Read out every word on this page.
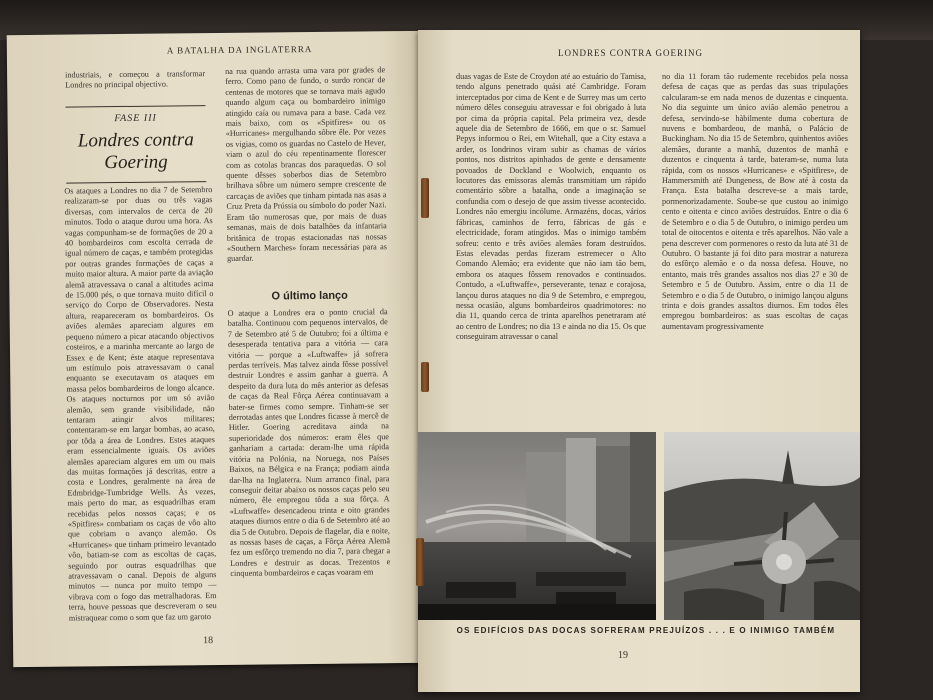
A BATALHA DA INGLATERRA

industriais, e começou a transformar Londres no principal objectivo.

FASE III
Londres contra Goering

Os ataques a Londres no dia 7 de Setembro realizaram-se por duas ou três vagas diversas, com intervalos de cerca de 20 minutos. Todo o ataque durou uma hora. As vagas compunham-se de formações de 20 a 40 bombardeiros com escolta cerrada de igual número de caças, e também protegidas por outras grandes formações de caças a muito maior altura. A maior parte da aviação alemã atravessava o canal a altitudes acima de 15.000 pés, o que tornava muito difícil o serviço do Corpo de Observadores. Nesta altura, reapareceram os bombardeiros. Os aviões alemães apareciam algures em pequeno número a picar atacando objectivos costeiros, e a marinha mercante ao largo de Essex e de Kent; éste ataque representava um estímulo pois atravessavam o canal enquanto se executavam os ataques em massa pelos bombardeiros de longo alcance. Os ataques nocturnos por um só avião alemão, sem grande visibilidade, não tentaram atingir alvos militares; contentaram-se em largar bombas, ao acaso, por tôda a área de Londres. Estes ataques eram essencialmente iguais. Os aviões alemães apareciam algures em um ou mais das muitas formações já descritas, entre a costa e Londres, geralmente na área de Edmbridge-Tumbridge Wells. Às vezes, mais perto do mar, as esquadrilhas eram recebidas pelos nossos caças; e os «Spitfires» combatiam os caças de vôo alto que cobriam o avanço alemão. Os «Hurricanes» que tinham primeiro levantado vôo, batiam-se com as escoltas de caças, seguindo por outras esquadrilhas que atravessavam o canal. Depois de alguns minutos — nunca por muito tempo — vibrava com o fogo das metralhadoras. Em terra, houve pessoas que descreveram o seu mistraquear como o som que faz um garoto

na rua quando arrasta uma vara por grades de ferro. Como pano de fundo, o surdo roncar de centenas de motores que se tornava mais agudo quando algum caça ou bombardeiro inimigo atingido caía ou rumava para a base. Cada vez mais baixo, com os «Spitfires» ou os «Hurricanes» mergulhando sôbre êle. Por vezes os vigias, como os guardas no Castelo de Hever, viam o azul do céu repentinamente florescer com as cotolas brancas dos paraquedas. O sol quente dêsses soberbos dias de Setembro brilhava sôbre um número sempre crescente de carcaças de aviões que tinham pintada nas asas a Cruz Preta da Prússia ou símbolo do poder Nazi. Eram tão numerosas que, por mais de duas semanas, mais de dois batalhões da infantaria britânica de tropas estacionadas nas nossas «Southern Marches» foram necessárias para as guardar.

O último lanço

O ataque a Londres era o ponto crucial da batalha. Continuou com pequenos intervalos, de 7 de Setembro até 5 de Outubro; foi a última e desesperada tentativa para a vitória — cara vitória — porque a «Luftwaffe» já sofrera perdas terríveis. Mas talvez ainda fôsse possível destruir Londres e assim ganhar a guerra. A despeito da dura luta do mês anterior as defesas de caças da Real Fôrça Aérea continuavam a bater-se firmes como sempre. Tinham-se ser derrotadas antes que Londres ficasse à mercê de Hitler. Goering acreditava ainda na superioridade dos números: eram êles que ganhariam a cartada: deram-lhe uma rápida vitória na Polónia, na Noruega, nos Países Baixos, na Bélgica e na França; podiam ainda dar-lha na Inglaterra. Num arranco final, para conseguir deitar abaixo os nossos caças pelo seu número, êle empregou tôda a sua fôrça. A «Luftwaffe» desencadeou trinta e oito grandes ataques diurnos entre o dia 6 de Setembro até ao dia 5 de Outubro. Depois de flagelar, dia e noite, as nossas bases de caças, a Fôrça Aérea Alemã fez um esfôrço tremendo no dia 7, para chegar a Londres e destruir as docas. Trezentos e cinquenta bombardeiros e caças voaram em

18
LONDRES CONTRA GOERING

duas vagas de Este de Croydon até ao estuário do Tamisa, tendo alguns penetrado quási até Cambridge. Foram interceptados por cima de Kent e de Surrey mas um certo número dêles conseguiu atravessar e foi obrigado à luta por cima da própria capital. Pela primeira vez, desde aquele dia de Setembro de 1666, em que o sr. Samuel Pepys informou o Rei, em Witehall, que a City estava a arder, os londrinos viram subir as chamas de vários pontos, nos distritos apinhados de gente e densamente povoados de Dockland e Woolwich, enquanto os locutores das emissoras alemãs transmitiam um rápido comentário sôbre a batalha, onde a imaginação se confundia com o desejo de que assim tivesse acontecido. Londres não emergiu incólume. Armazéns, docas, vários fábricas, caminhos de ferro, fábricas de gás e electricidade, foram atingidos. Mas o inimigo também sofreu: cento e três aviões alemães foram destruídos. Estas elevadas perdas fizeram estremecer o Alto Comando Alemão; era evidente que não iam tão bem, embora os ataques fôssem renovados e continuados. Contudo, a «Luftwaffe», perseverante, tenaz e corajosa, lançou duros ataques no dia 9 de Setembro, e empregou, nessa ocasião, alguns bombardeiros quadrimotores: no dia 11, quando cerca de trinta aparelhos penetraram até ao centro de Londres; no dia 13 e ainda no dia 15. Os que conseguiram atravessar o canal

no dia 11 foram tão rudemente recebidos pela nossa defesa de caças que as perdas das suas tripulações calcularam-se em nada menos de duzentas e cinquenta. No dia seguinte um único avião alemão penetrou a defesa, servindo-se hàbilmente duma cobertura de nuvens e bombardeou, de manhã, o Palácio de Buckingham. No dia 15 de Setembro, quinhentos aviões alemães, durante a manhã, duzentos de manhã e duzentos e cinquenta à tarde, bateram-se, numa luta rápida, com os nossos «Hurricanes» e «Spitfires», de Hammersmith até Dungeness, de Bow até à costa da França. Esta batalha descreve-se a mais tarde, pormenorizadamente. Soube-se que custou ao inimigo cento e oitenta e cinco aviões destruídos. Entre o dia 6 de Setembro e o dia 5 de Outubro, o inimigo perdeu um total de oitocentos e oitenta e três aparelhos. Não vale a pena descrever com pormenores o resto da luta até 31 de Outubro. O bastante já foi dito para mostrar a natureza do esfôrço alemão e o da nossa defesa. Houve, no entanto, mais três grandes assaltos nos dias 27 e 30 de Setembro e 5 de Outubro. Assim, entre o dia 11 de Setembro e o dia 5 de Outubro, o inimigo lançou alguns trinta e dois grandes assaltos diurnos. Em todos êles empregou bombardeiros: as suas escoltas de caças aumentavam progressivamente

OS EDIFÍCIOS DAS DOCAS SOFRERAM PREJUÍZOS . . . E O INIMIGO TAMBÉM
19
